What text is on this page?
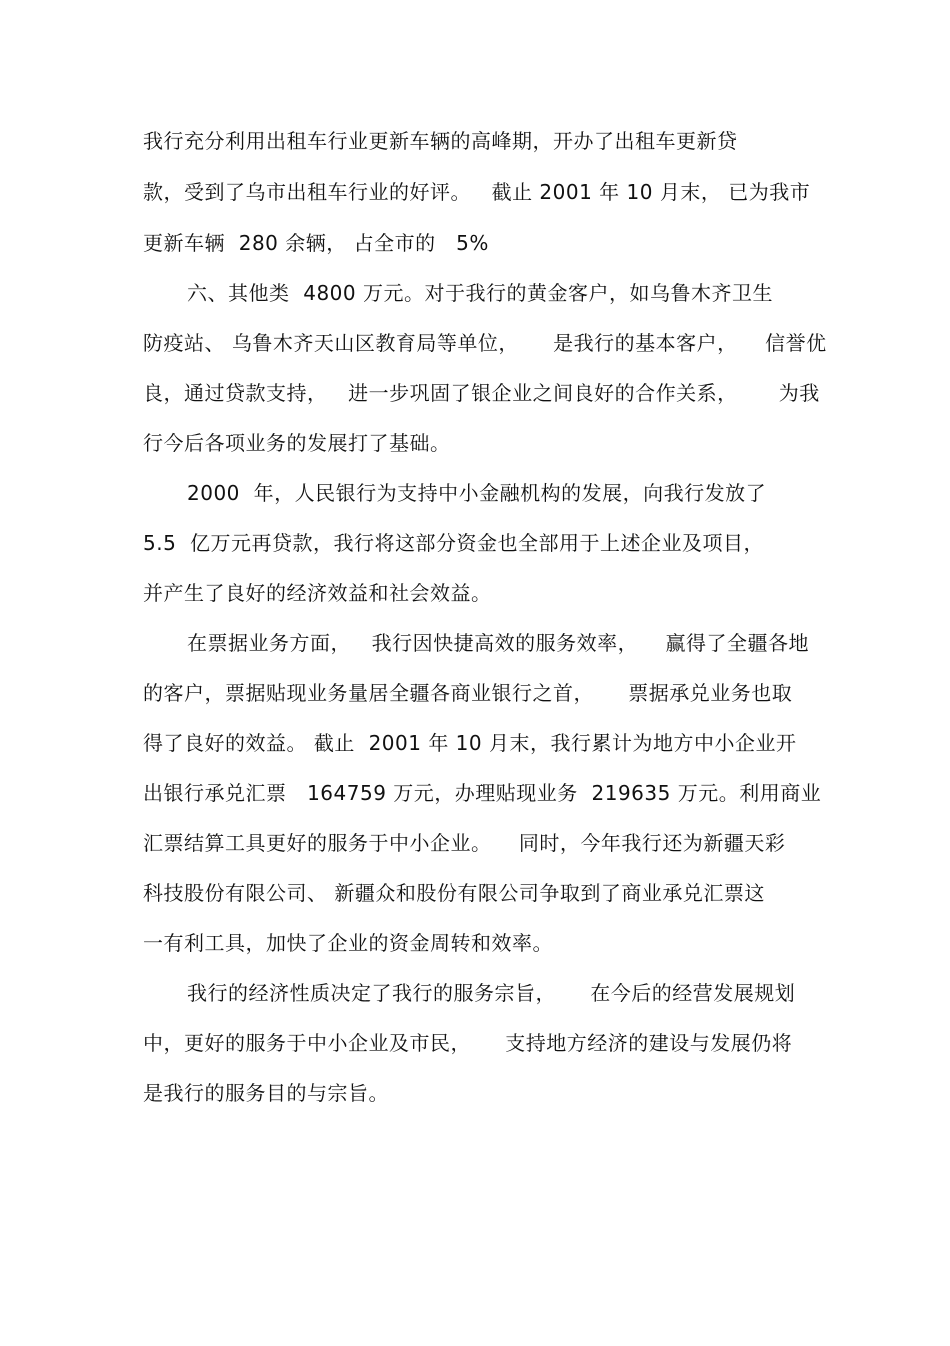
我行充分利用出租车行业更新车辆的高峰期，开办了出租车更新贷
款，受到了乌市出租车行业的好评。   截止 2001 年 10 月末， 已为我市
更新车辆  280 余辆， 占全市的   5%
六、其他类  4800 万元。对于我行的黄金客户，如乌鲁木齐卫生
防疫站、 乌鲁木齐天山区教育局等单位，     是我行的基本客户，    信誉优
良，通过贷款支持，   进一步巩固了银企业之间良好的合作关系，      为我
行今后各项业务的发展打了基础。
2000  年，人民银行为支持中小金融机构的发展，向我行发放了
5.5  亿万元再贷款，我行将这部分资金也全部用于上述企业及项目，
并产生了良好的经济效益和社会效益。
在票据业务方面，   我行因快捷高效的服务效率，    赢得了全疆各地
的客户，票据贴现业务量居全疆各商业银行之首，     票据承兑业务也取
得了良好的效益。 截止  2001 年 10 月末，我行累计为地方中小企业开
出银行承兑汇票   164759 万元，办理贴现业务  219635 万元。利用商业
汇票结算工具更好的服务于中小企业。    同时，今年我行还为新疆天彩
科技股份有限公司、 新疆众和股份有限公司争取到了商业承兑汇票这
一有利工具，加快了企业的资金周转和效率。
我行的经济性质决定了我行的服务宗旨，     在今后的经营发展规划
中，更好的服务于中小企业及市民，     支持地方经济的建设与发展仍将
是我行的服务目的与宗旨。
